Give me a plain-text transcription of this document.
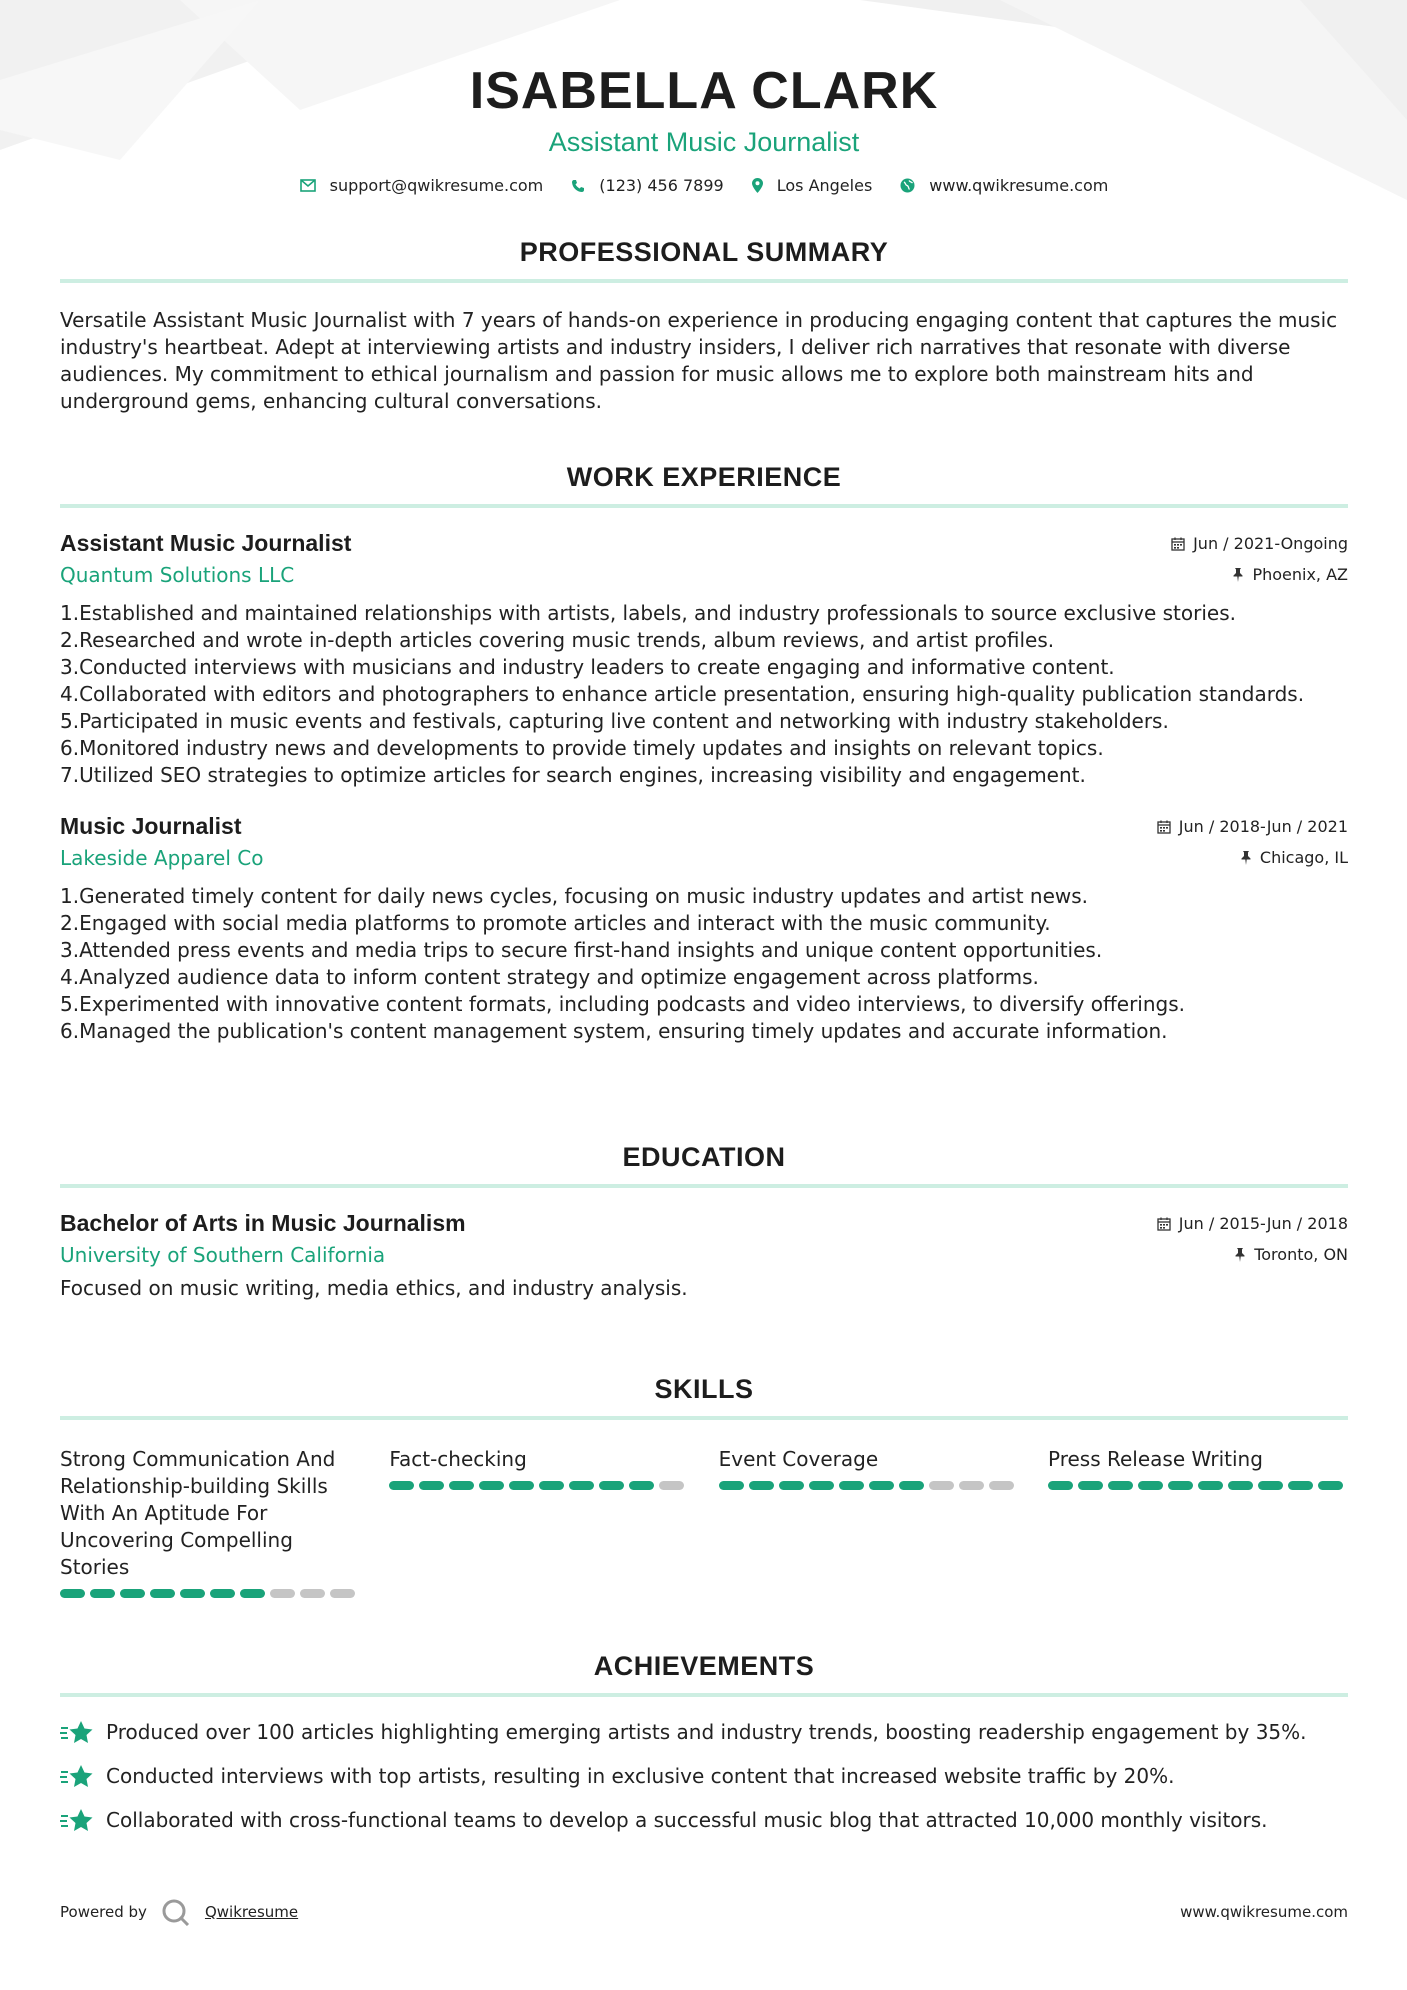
ISABELLA CLARK
Assistant Music Journalist
support@qwikresume.com	(123) 456 7899	Los Angeles	www.qwikresume.com
PROFESSIONAL SUMMARY
Versatile Assistant Music Journalist with 7 years of hands-on experience in producing engaging content that captures the music industry's heartbeat. Adept at interviewing artists and industry insiders, I deliver rich narratives that resonate with diverse audiences. My commitment to ethical journalism and passion for music allows me to explore both mainstream hits and underground gems, enhancing cultural conversations.
WORK EXPERIENCE
Assistant Music Journalist	Jun / 2021-Ongoing
Quantum Solutions LLC	Phoenix, AZ
1. Established and maintained relationships with artists, labels, and industry professionals to source exclusive stories.
2. Researched and wrote in-depth articles covering music trends, album reviews, and artist profiles.
3. Conducted interviews with musicians and industry leaders to create engaging and informative content.
4. Collaborated with editors and photographers to enhance article presentation, ensuring high-quality publication standards.
5. Participated in music events and festivals, capturing live content and networking with industry stakeholders.
6. Monitored industry news and developments to provide timely updates and insights on relevant topics.
7. Utilized SEO strategies to optimize articles for search engines, increasing visibility and engagement.
Music Journalist	Jun / 2018-Jun / 2021
Lakeside Apparel Co	Chicago, IL
1. Generated timely content for daily news cycles, focusing on music industry updates and artist news.
2. Engaged with social media platforms to promote articles and interact with the music community.
3. Attended press events and media trips to secure first-hand insights and unique content opportunities.
4. Analyzed audience data to inform content strategy and optimize engagement across platforms.
5. Experimented with innovative content formats, including podcasts and video interviews, to diversify offerings.
6. Managed the publication's content management system, ensuring timely updates and accurate information.
EDUCATION
Bachelor of Arts in Music Journalism	Jun / 2015-Jun / 2018
University of Southern California	Toronto, ON
Focused on music writing, media ethics, and industry analysis.
SKILLS
Strong Communication And Relationship-building Skills With An Aptitude For Uncovering Compelling Stories
Fact-checking	Event Coverage	Press Release Writing
ACHIEVEMENTS
Produced over 100 articles highlighting emerging artists and industry trends, boosting readership engagement by 35%.
Conducted interviews with top artists, resulting in exclusive content that increased website traffic by 20%.
Collaborated with cross-functional teams to develop a successful music blog that attracted 10,000 monthly visitors.
Powered by	Qwikresume	www.qwikresume.com
